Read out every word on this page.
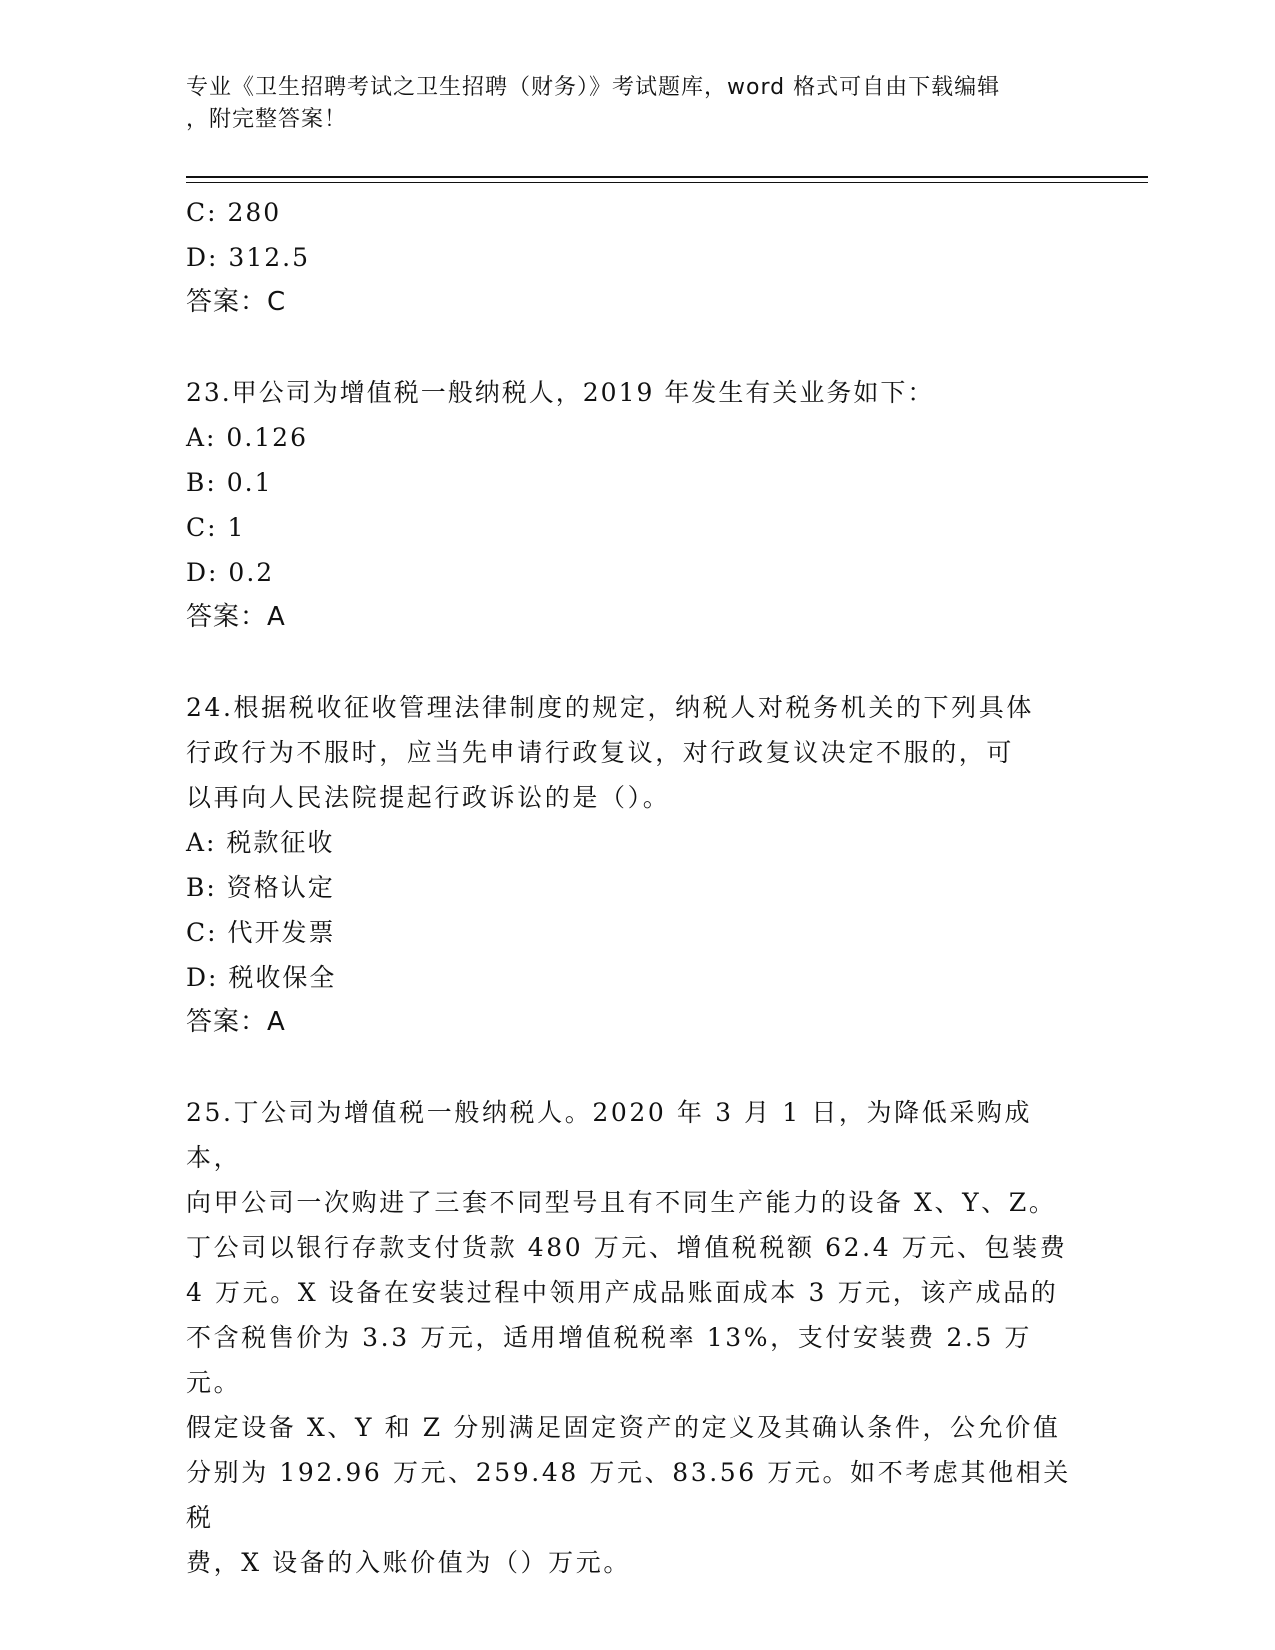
专业《卫生招聘考试之卫生招聘（财务）》考试题库，word 格式可自由下载编辑
，附完整答案！
C: 280
D: 312.5
答案：C
23.甲公司为增值税一般纳税人，2019 年发生有关业务如下：
A: 0.126
B: 0.1
C: 1
D: 0.2
答案：A
24.根据税收征收管理法律制度的规定，纳税人对税务机关的下列具体
行政行为不服时，应当先申请行政复议，对行政复议决定不服的，可
以再向人民法院提起行政诉讼的是（）。
A: 税款征收
B: 资格认定
C: 代开发票
D: 税收保全
答案：A
25.丁公司为增值税一般纳税人。2020 年 3 月 1 日，为降低采购成本，
向甲公司一次购进了三套不同型号且有不同生产能力的设备 X、Y、Z。
丁公司以银行存款支付货款 480 万元、增值税税额 62.4 万元、包装费
4 万元。X 设备在安装过程中领用产成品账面成本 3 万元，该产成品的
不含税售价为 3.3 万元，适用增值税税率 13%，支付安装费 2.5 万元。
假定设备 X、Y 和 Z 分别满足固定资产的定义及其确认条件，公允价值
分别为 192.96 万元、259.48 万元、83.56 万元。如不考虑其他相关税
费，X 设备的入账价值为（）万元。
